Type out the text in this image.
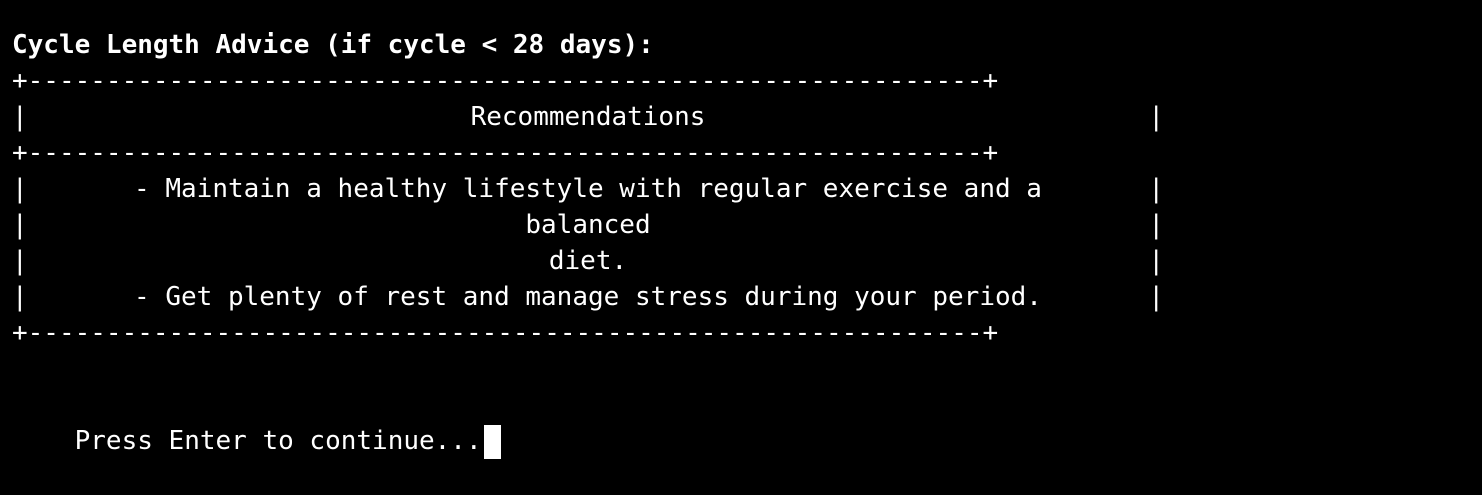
Cycle Length Advice (if cycle < 28 days):
+-------------------------------------------------------------+
|	Recommendations	|
+-------------------------------------------------------------+
|	- Maintain a healthy lifestyle with regular exercise and a	|
|	balanced	|
|	diet.	|
|	- Get plenty of rest and manage stress during your period.	|
+-------------------------------------------------------------+

Press Enter to continue...
